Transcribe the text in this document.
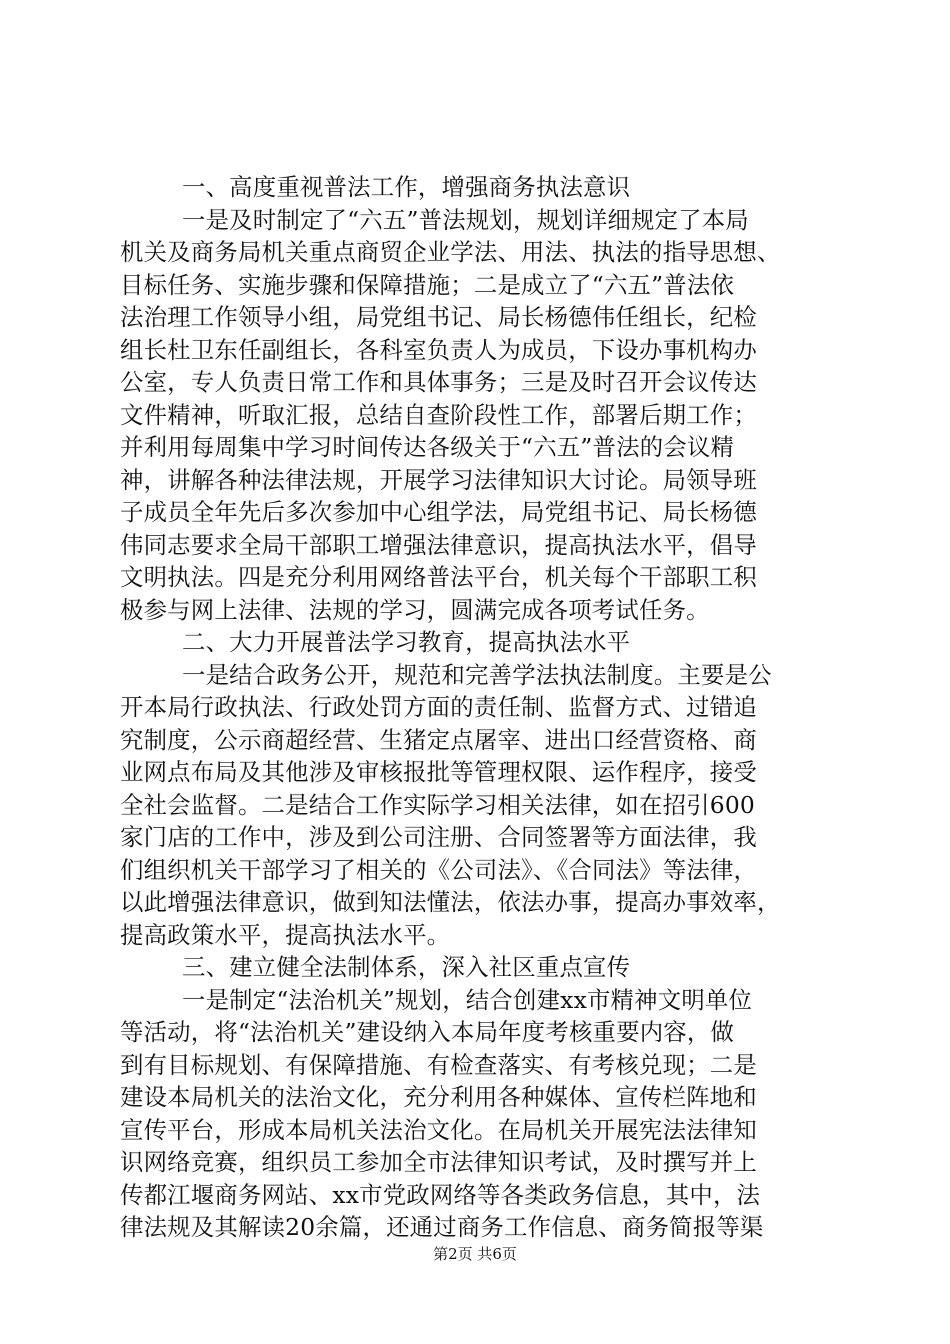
一、高度重视普法工作，增强商务执法意识
一是及时制定了“六五”普法规划，规划详细规定了本局
机关及商务局机关重点商贸企业学法、用法、执法的指导思想、
目标任务、实施步骤和保障措施；二是成立了“六五”普法依
法治理工作领导小组，局党组书记、局长杨德伟任组长，纪检
组长杜卫东任副组长，各科室负责人为成员，下设办事机构办
公室，专人负责日常工作和具体事务；三是及时召开会议传达
文件精神，听取汇报，总结自查阶段性工作，部署后期工作；
并利用每周集中学习时间传达各级关于“六五”普法的会议精
神，讲解各种法律法规，开展学习法律知识大讨论。局领导班
子成员全年先后多次参加中心组学法，局党组书记、局长杨德
伟同志要求全局干部职工增强法律意识，提高执法水平，倡导
文明执法。四是充分利用网络普法平台，机关每个干部职工积
极参与网上法律、法规的学习，圆满完成各项考试任务。
二、大力开展普法学习教育，提高执法水平
一是结合政务公开，规范和完善学法执法制度。主要是公
开本局行政执法、行政处罚方面的责任制、监督方式、过错追
究制度，公示商超经营、生猪定点屠宰、进出口经营资格、商
业网点布局及其他涉及审核报批等管理权限、运作程序，接受
全社会监督。二是结合工作实际学习相关法律，如在招引600
家门店的工作中，涉及到公司注册、合同签署等方面法律，我
们组织机关干部学习了相关的《公司法》、《合同法》等法律，
以此增强法律意识，做到知法懂法，依法办事，提高办事效率，
提高政策水平，提高执法水平。
三、建立健全法制体系，深入社区重点宣传
一是制定“法治机关”规划，结合创建xx市精神文明单位
等活动，将“法治机关”建设纳入本局年度考核重要内容，做
到有目标规划、有保障措施、有检查落实、有考核兑现；二是
建设本局机关的法治文化，充分利用各种媒体、宣传栏阵地和
宣传平台，形成本局机关法治文化。在局机关开展宪法法律知
识网络竞赛，组织员工参加全市法律知识考试，及时撰写并上
传都江堰商务网站、xx市党政网络等各类政务信息，其中，法
律法规及其解读20余篇，还通过商务工作信息、商务简报等渠
第2页 共6页
